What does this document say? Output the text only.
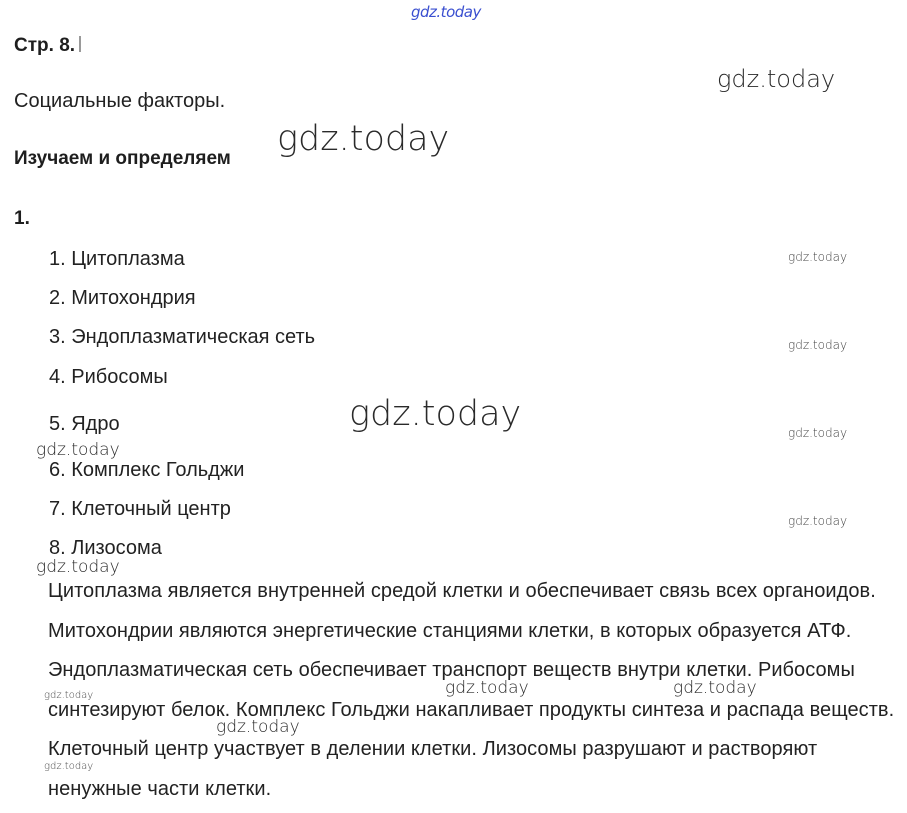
Стр. 8.
Социальные факторы.
Изучаем и определяем
1.
1. Цитоплазма
2. Митохондрия
3. Эндоплазматическая сеть
4. Рибосомы
5. Ядро
6. Комплекс Гольджи
7. Клеточный центр
8. Лизосома
Цитоплазма является внутренней средой клетки и обеспечивает связь всех органоидов. Митохондрии являются энергетические станциями клетки, в которых образуется АТФ. Эндоплазматическая сеть обеспечивает транспорт веществ внутри клетки. Рибосомы синтезируют белок. Комплекс Гольджи накапливает продукты синтеза и распада веществ. Клеточный центр участвует в делении клетки. Лизосомы разрушают и растворяют ненужные части клетки.
gdz.today
gdz.today
gdz.today
gdz.today
gdz.today
gdz.today	gdz.today
gdz.today
gdz.today
gdz.today
gdz.today	gdz.today	gdz.today
gdz.today
gdz.today
